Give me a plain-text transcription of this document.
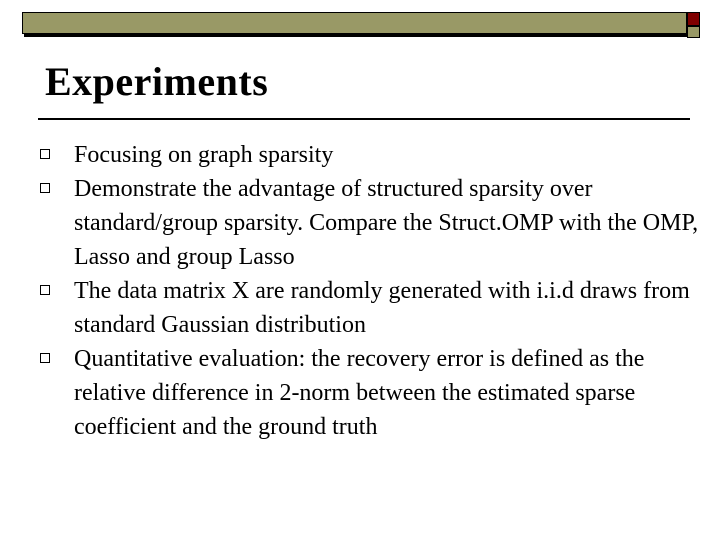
Experiments
Focusing on graph sparsity
Demonstrate the advantage of structured sparsity over standard/group sparsity. Compare the Struct.OMP with the OMP, Lasso and group Lasso
The data matrix X are randomly generated with i.i.d draws from standard Gaussian distribution
Quantitative evaluation: the recovery error is defined as the relative difference in 2-norm between the estimated sparse coefficient and the ground truth
